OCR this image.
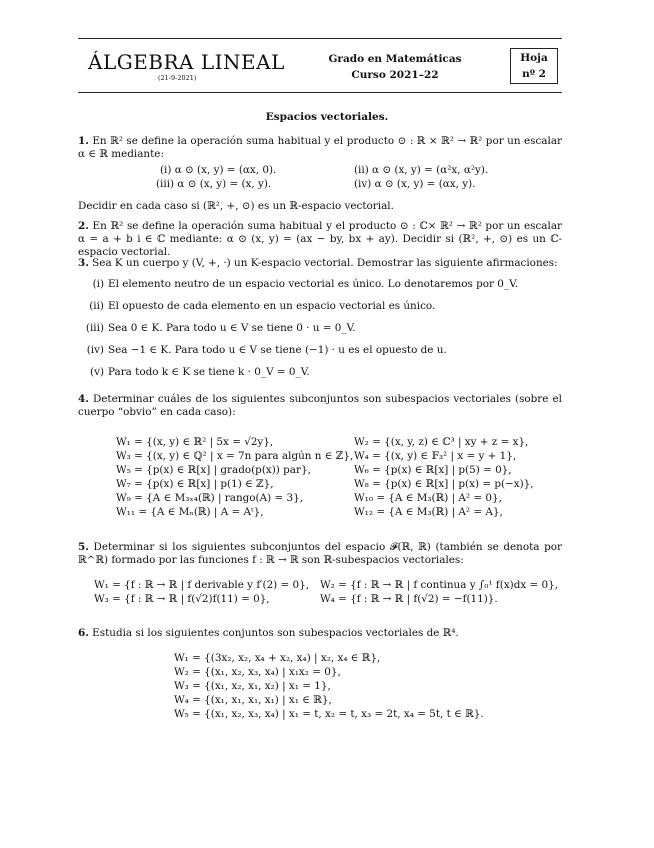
ÁLGEBRA LINEAL
(21-9-2021)
Grado en Matemáticas
Curso 2021–22
Hoja
nº 2
Espacios vectoriales.
1. En ℝ² se define la operación suma habitual y el producto ⊙ : ℝ × ℝ² → ℝ² por un escalar α ∈ ℝ mediante:
(i) α ⊙ (x, y) = (αx, 0).	(ii) α ⊙ (x, y) = (α²x, α²y).
(iii) α ⊙ (x, y) = (x, y).	(iv) α ⊙ (x, y) = (αx, y).
Decidir en cada caso si (ℝ², +, ⊙) es un ℝ-espacio vectorial.
2. En ℝ² se define la operación suma habitual y el producto ⊙ : ℂ× ℝ² → ℝ² por un escalar α = a + b i ∈ ℂ mediante: α ⊙ (x, y) = (ax − by, bx + ay). Decidir si (ℝ², +, ⊙) es un ℂ-espacio vectorial.
3. Sea K un cuerpo y (V, +, ·) un K-espacio vectorial. Demostrar las siguiente afirmaciones:
(i) El elemento neutro de un espacio vectorial es único. Lo denotaremos por 0_V.
(ii) El opuesto de cada elemento en un espacio vectorial es único.
(iii) Sea 0 ∈ K. Para todo u ∈ V se tiene 0 · u = 0_V.
(iv) Sea −1 ∈ K. Para todo u ∈ V se tiene (−1) · u es el opuesto de u.
(v) Para todo k ∈ K se tiene k · 0_V = 0_V.
4. Determinar cuáles de los siguientes subconjuntos son subespacios vectoriales (sobre el cuerpo “obvio” en cada caso):
W₁ = {(x, y) ∈ ℝ² | 5x = √2y},	W₂ = {(x, y, z) ∈ ℂ³ | xy + z = x},
W₃ = {(x, y) ∈ ℚ² | x = 7n para algún n ∈ ℤ}, W₄ = {(x, y) ∈ 𝔽₃² | x = y + 1},
W₅ = {p(x) ∈ ℝ[x] | grado(p(x)) par},	W₆ = {p(x) ∈ ℝ[x] | p(5) = 0},
W₇ = {p(x) ∈ ℝ[x] | p(1) ∈ ℤ},	W₈ = {p(x) ∈ ℝ[x] | p(x) = p(−x)},
W₉ = {A ∈ M₃ₓ₄(ℝ) | rango(A) = 3},	W₁₀ = {A ∈ M₃(ℝ) | A² = 0},
W₁₁ = {A ∈ Mₙ(ℝ) | A = Aᵗ},	W₁₂ = {A ∈ M₃(ℝ) | A² = A},
5. Determinar si los siguientes subconjuntos del espacio 𝓕(ℝ, ℝ) (también se denota por ℝ^ℝ) formado por las funciones f : ℝ → ℝ son ℝ-subespacios vectoriales:
W₁ = {f : ℝ → ℝ | f derivable y f′(2) = 0}, W₂ = {f : ℝ → ℝ | f continua y ∫₀¹ f(x)dx = 0},
W₃ = {f : ℝ → ℝ | f(√2)f(11) = 0},	W₄ = {f : ℝ → ℝ | f(√2) = −f(11)}.
6. Estudia si los siguientes conjuntos son subespacios vectoriales de ℝ⁴.
W₁ = {(3x₂, x₂, x₄ + x₂, x₄) | x₂, x₄ ∈ ℝ},
W₂ = {(x₁, x₂, x₃, x₄) | x₁x₂ = 0},
W₃ = {(x₁, x₂, x₁, x₂) | x₁ = 1},
W₄ = {(x₁, x₁, x₁, x₁) | x₁ ∈ ℝ},
W₅ = {(x₁, x₂, x₃, x₄) | x₁ = t, x₂ = t, x₃ = 2t, x₄ = 5t, t ∈ ℝ}.
